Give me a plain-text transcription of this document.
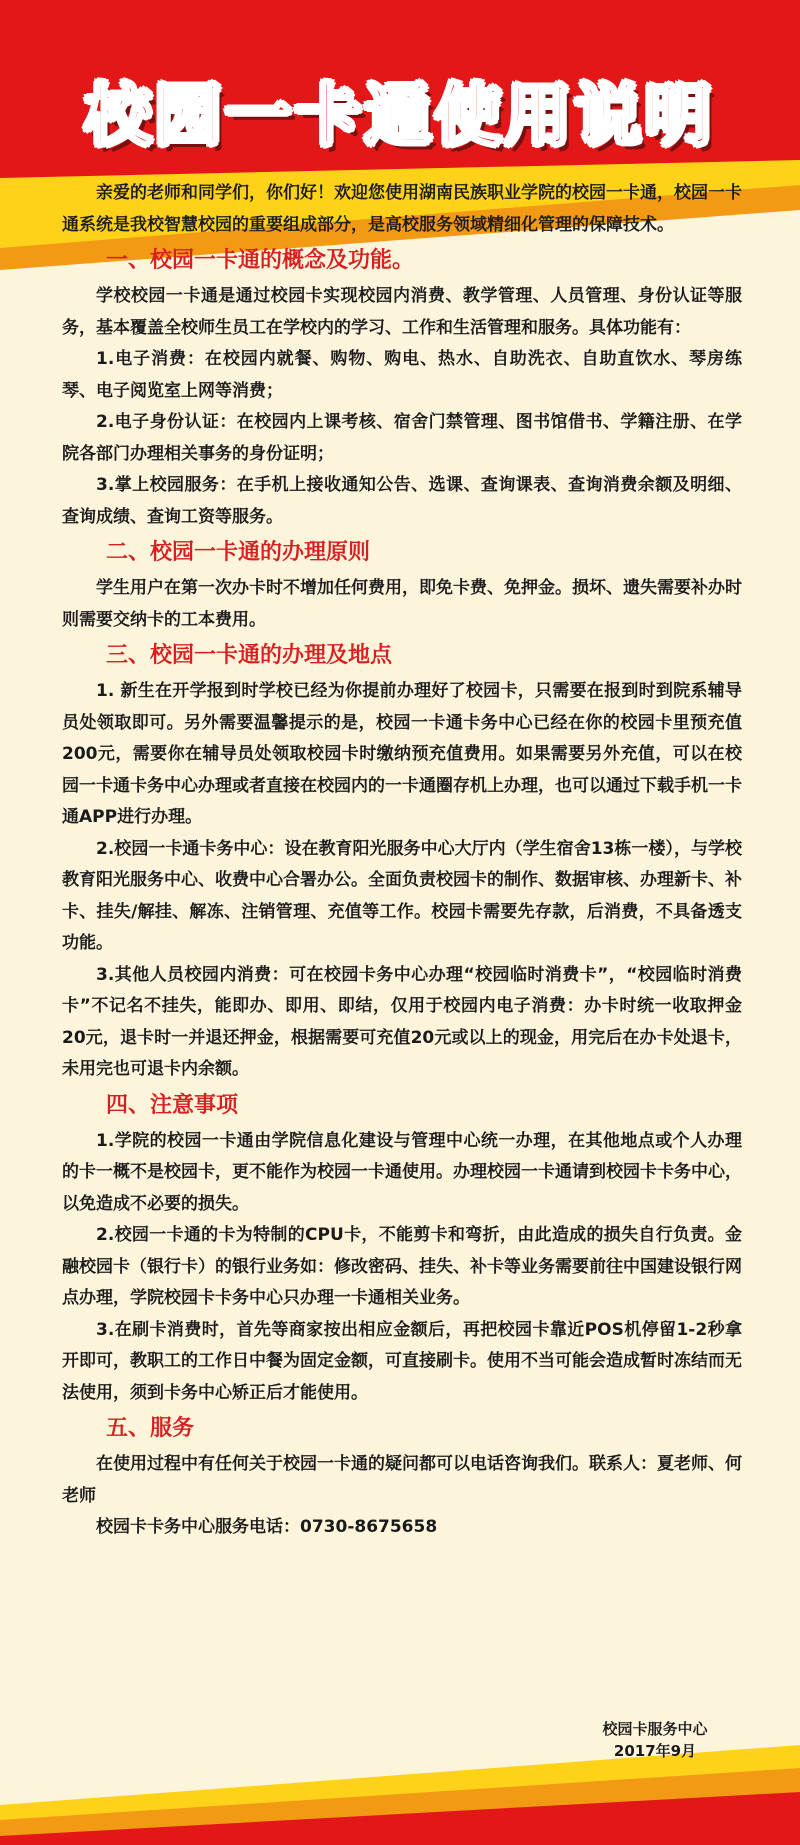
校园一卡通使用说明

亲爱的老师和同学们，你们好！欢迎您使用湖南民族职业学院的校园一卡通，校园一卡通系统是我校智慧校园的重要组成部分，是高校服务领域精细化管理的保障技术。

一、校园一卡通的概念及功能。

学校校园一卡通是通过校园卡实现校园内消费、教学管理、人员管理、身份认证等服务，基本覆盖全校师生员工在学校内的学习、工作和生活管理和服务。具体功能有：

1.电子消费：在校园内就餐、购物、购电、热水、自助洗衣、自助直饮水、琴房练琴、电子阅览室上网等消费；

2.电子身份认证：在校园内上课考核、宿舍门禁管理、图书馆借书、学籍注册、在学院各部门办理相关事务的身份证明；

3.掌上校园服务：在手机上接收通知公告、选课、查询课表、查询消费余额及明细、查询成绩、查询工资等服务。

二、校园一卡通的办理原则

学生用户在第一次办卡时不增加任何费用，即免卡费、免押金。损坏、遗失需要补办时则需要交纳卡的工本费用。

三、校园一卡通的办理及地点

1. 新生在开学报到时学校已经为你提前办理好了校园卡，只需要在报到时到院系辅导员处领取即可。另外需要温馨提示的是，校园一卡通卡务中心已经在你的校园卡里预充值200元，需要你在辅导员处领取校园卡时缴纳预充值费用。如果需要另外充值，可以在校园一卡通卡务中心办理或者直接在校园内的一卡通圈存机上办理，也可以通过下载手机一卡通APP进行办理。

2.校园一卡通卡务中心：设在教育阳光服务中心大厅内（学生宿舍13栋一楼），与学校教育阳光服务中心、收费中心合署办公。全面负责校园卡的制作、数据审核、办理新卡、补卡、挂失/解挂、解冻、注销管理、充值等工作。校园卡需要先存款，后消费，不具备透支功能。

3.其他人员校园内消费：可在校园卡务中心办理“校园临时消费卡”，“校园临时消费卡”不记名不挂失，能即办、即用、即结，仅用于校园内电子消费：办卡时统一收取押金20元，退卡时一并退还押金，根据需要可充值20元或以上的现金，用完后在办卡处退卡，未用完也可退卡内余额。

四、注意事项

1.学院的校园一卡通由学院信息化建设与管理中心统一办理，在其他地点或个人办理的卡一概不是校园卡，更不能作为校园一卡通使用。办理校园一卡通请到校园卡卡务中心，以免造成不必要的损失。

2.校园一卡通的卡为特制的CPU卡，不能剪卡和弯折，由此造成的损失自行负责。金融校园卡（银行卡）的银行业务如：修改密码、挂失、补卡等业务需要前往中国建设银行网点办理，学院校园卡卡务中心只办理一卡通相关业务。

3.在刷卡消费时，首先等商家按出相应金额后，再把校园卡靠近POS机停留1-2秒拿开即可，教职工的工作日中餐为固定金额，可直接刷卡。使用不当可能会造成暂时冻结而无法使用，须到卡务中心矫正后才能使用。

五、服务

在使用过程中有任何关于校园一卡通的疑问都可以电话咨询我们。联系人：夏老师、何老师

校园卡卡务中心服务电话：0730-8675658

校园卡服务中心
2017年9月
